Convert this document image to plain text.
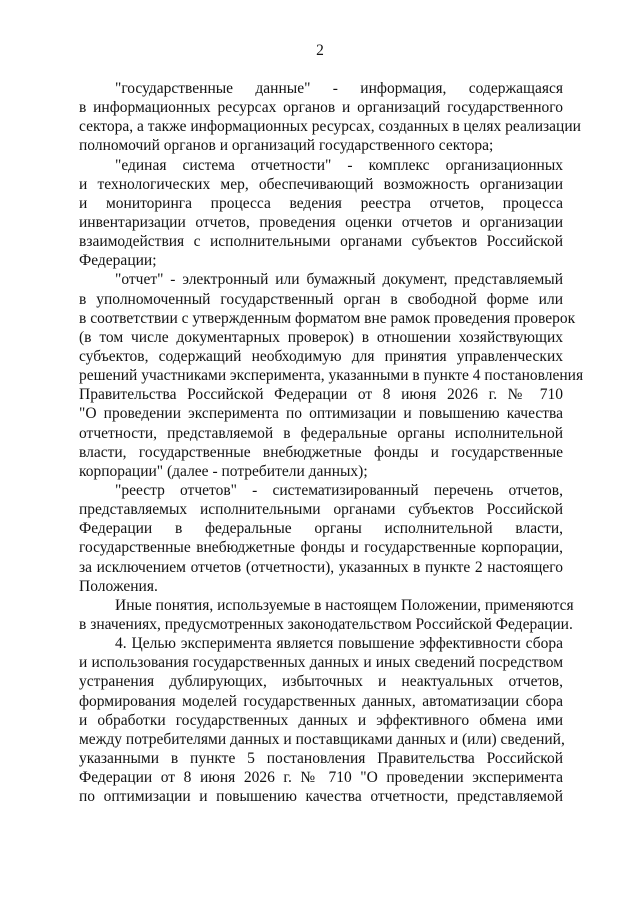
2
"государственные данные" - информация, содержащаяся
в информационных ресурсах органов и организаций государственного
сектора, а также информационных ресурсах, созданных в целях реализации
полномочий органов и организаций государственного сектора;
"единая система отчетности" - комплекс организационных
и технологических мер, обеспечивающий возможность организации
и мониторинга процесса ведения реестра отчетов, процесса
инвентаризации отчетов, проведения оценки отчетов и организации
взаимодействия с исполнительными органами субъектов Российской
Федерации;
"отчет" - электронный или бумажный документ, представляемый
в уполномоченный государственный орган в свободной форме или
в соответствии с утвержденным форматом вне рамок проведения проверок
(в том числе документарных проверок) в отношении хозяйствующих
субъектов, содержащий необходимую для принятия управленческих
решений участниками эксперимента, указанными в пункте 4 постановления
Правительства Российской Федерации от 8 июня 2026 г. № 710
"О проведении эксперимента по оптимизации и повышению качества
отчетности, представляемой в федеральные органы исполнительной
власти, государственные внебюджетные фонды и государственные
корпорации" (далее - потребители данных);
"реестр отчетов" - систематизированный перечень отчетов,
представляемых исполнительными органами субъектов Российской
Федерации в федеральные органы исполнительной власти,
государственные внебюджетные фонды и государственные корпорации,
за исключением отчетов (отчетности), указанных в пункте 2 настоящего
Положения.
Иные понятия, используемые в настоящем Положении, применяются
в значениях, предусмотренных законодательством Российской Федерации.
4. Целью эксперимента является повышение эффективности сбора
и использования государственных данных и иных сведений посредством
устранения дублирующих, избыточных и неактуальных отчетов,
формирования моделей государственных данных, автоматизации сбора
и обработки государственных данных и эффективного обмена ими
между потребителями данных и поставщиками данных и (или) сведений,
указанными в пункте 5 постановления Правительства Российской
Федерации от 8 июня 2026 г. № 710 "О проведении эксперимента
по оптимизации и повышению качества отчетности, представляемой
